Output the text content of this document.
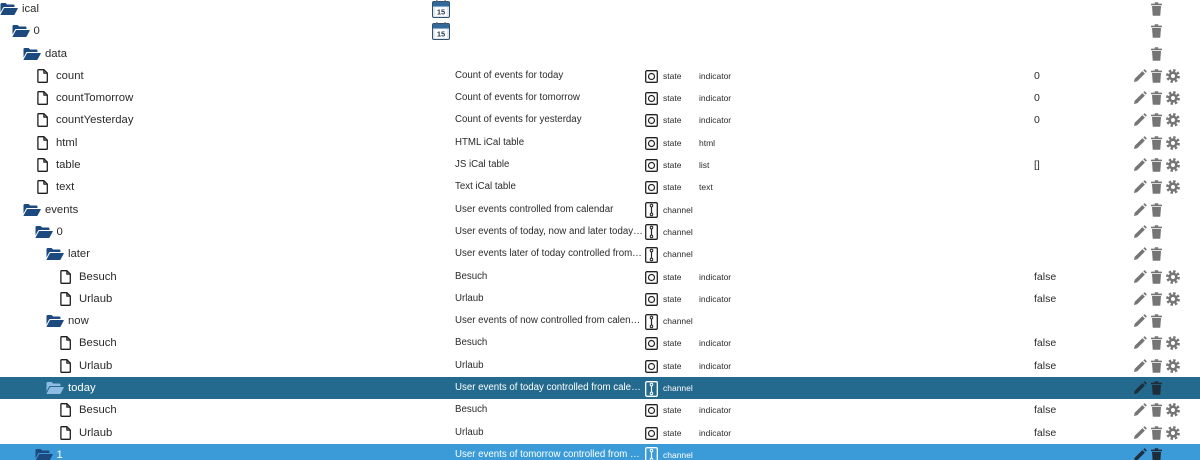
ical	15
0	15
data
count	Count of events for today	state indicator	0
countTomorrow	Count of events for tomorrow	state indicator	0
countYesterday	Count of events for yesterday	state indicator	0
html	HTML iCal table	state html
table	JS iCal table	state list	[]
text	Text iCal table	state text
events	User events controlled from calendar	channel
0	User events of today, now and later today… channel
later	User events later of today controlled from… channel
Besuch	Besuch	state indicator	false
Urlaub	Urlaub	state indicator	false
now	User events of now controlled from calen…	channel
Besuch	Besuch	state indicator	false
Urlaub	Urlaub	state indicator	false
today	User events of today controlled from cale…	channel
Besuch	Besuch	state indicator	false
Urlaub	Urlaub	state indicator	false
1	User events of tomorrow controlled from …	channel
